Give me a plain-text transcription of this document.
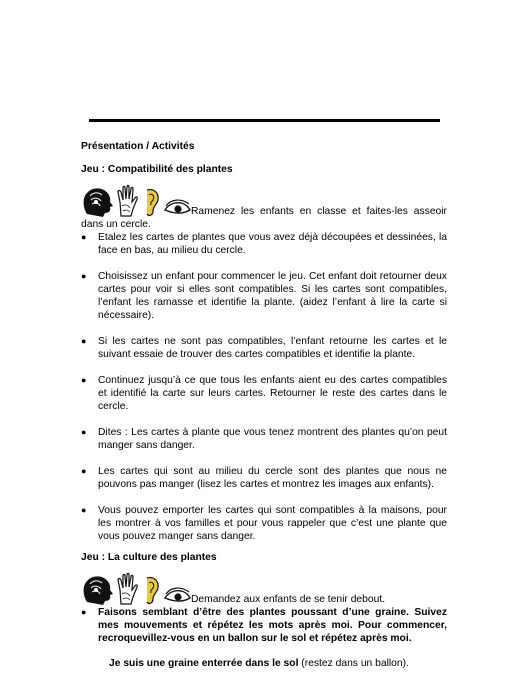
Présentation / Activités

Jeu : Compatibilité des plantes

Ramenez les enfants en classe et faites-les asseoir dans un cercle.
● Etalez les cartes de plantes que vous avez déjà découpées et dessinées, la face en bas, au milieu du cercle.
● Choisissez un enfant pour commencer le jeu. Cet enfant doit retourner deux cartes pour voir si elles sont compatibles. Si les cartes sont compatibles, l’enfant les ramasse et identifie la plante. (aidez l’enfant à lire la carte si nécessaire).
● Si les cartes ne sont pas compatibles, l’enfant retourne les cartes et le suivant essaie de trouver des cartes compatibles et identifie la plante.
● Continuez jusqu’à ce que tous les enfants aient eu des cartes compatibles et identifié la carte sur leurs cartes. Retourner le reste des cartes dans le cercle.
● Dites : Les cartes à plante que vous tenez montrent des plantes qu’on peut manger sans danger.
● Les cartes qui sont au milieu du cercle sont des plantes que nous ne pouvons pas manger (lisez les cartes et montrez les images aux enfants).
● Vous pouvez emporter les cartes qui sont compatibles à la maisons, pour les montrer à vos familles et pour vous rappeler que c’est une plante que vous pouvez manger sans danger.

Jeu : La culture des plantes

Demandez aux enfants de se tenir debout.
● Faisons semblant d’être des plantes poussant d’une graine. Suivez mes mouvements et répétez les mots après moi. Pour commencer, recroquevillez-vous en un ballon sur le sol et répétez après moi.

Je suis une graine enterrée dans le sol (restez dans un ballon).
